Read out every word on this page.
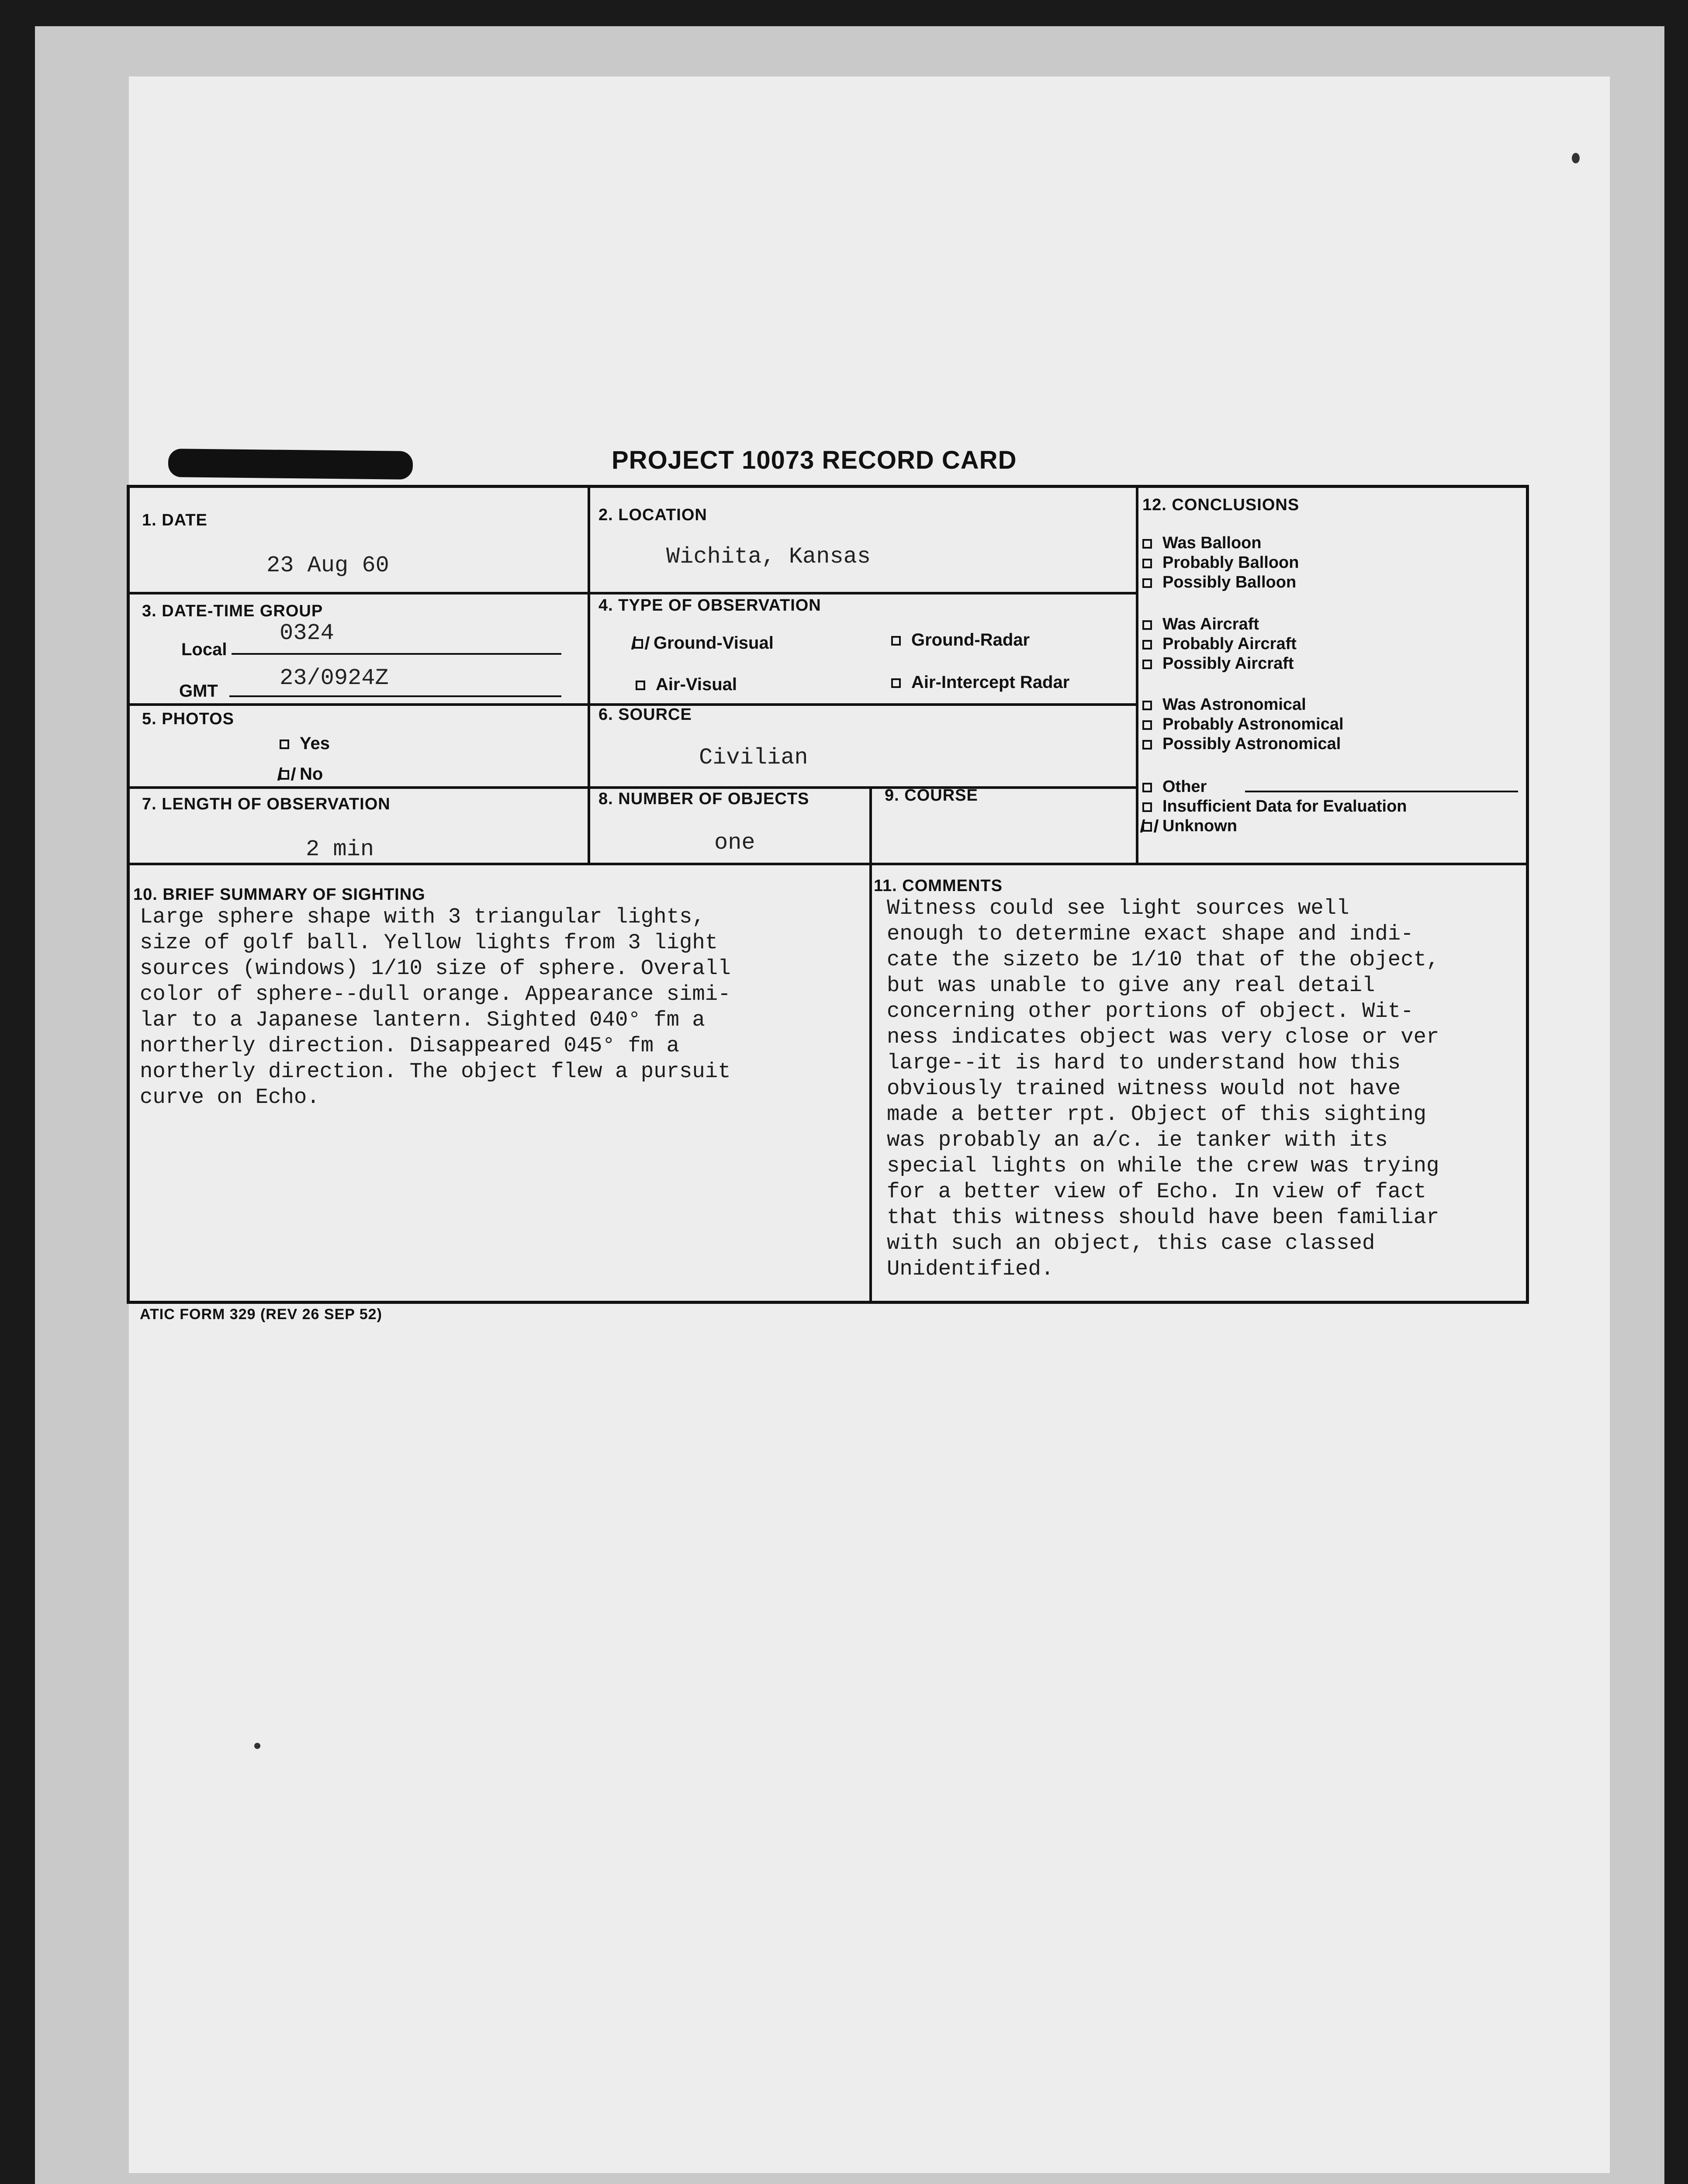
PROJECT 10073 RECORD CARD
1. DATE
23 Aug 60
2. LOCATION
Wichita, Kansas
3. DATE-TIME GROUP
Local
0324
GMT	23/0924Z
4. TYPE OF OBSERVATION
Ground-Visual	Ground-Radar
Air-Visual	Air-Intercept Radar
5. PHOTOS
Yes
No
6. SOURCE
Civilian
7. LENGTH OF OBSERVATION
2 min
8. NUMBER OF OBJECTS
one
9. COURSE
12. CONCLUSIONS
Was Balloon
Probably Balloon
Possibly Balloon
Was Aircraft
Probably Aircraft
Possibly Aircraft
Was Astronomical
Probably Astronomical
Possibly Astronomical
Other
Insufficient Data for Evaluation
Unknown
10. BRIEF SUMMARY OF SIGHTING
Large sphere shape with 3 triangular lights,
size of golf ball. Yellow lights from 3 light
sources (windows) 1/10 size of sphere. Overall
color of sphere--dull orange. Appearance simi-
lar to a Japanese lantern. Sighted 040° fm a
northerly direction. Disappeared 045° fm a
northerly direction. The object flew a pursuit
curve on Echo.
11. COMMENTS
Witness could see light sources well
enough to determine exact shape and indi-
cate the sizeto be 1/10 that of the object,
but was unable to give any real detail
concerning other portions of object. Wit-
ness indicates object was very close or ver
large--it is hard to understand how this
obviously trained witness would not have
made a better rpt. Object of this sighting
was probably an a/c. ie tanker with its
special lights on while the crew was trying
for a better view of Echo. In view of fact
that this witness should have been familiar
with such an object, this case classed
Unidentified.
ATIC FORM 329 (REV 26 SEP 52)
